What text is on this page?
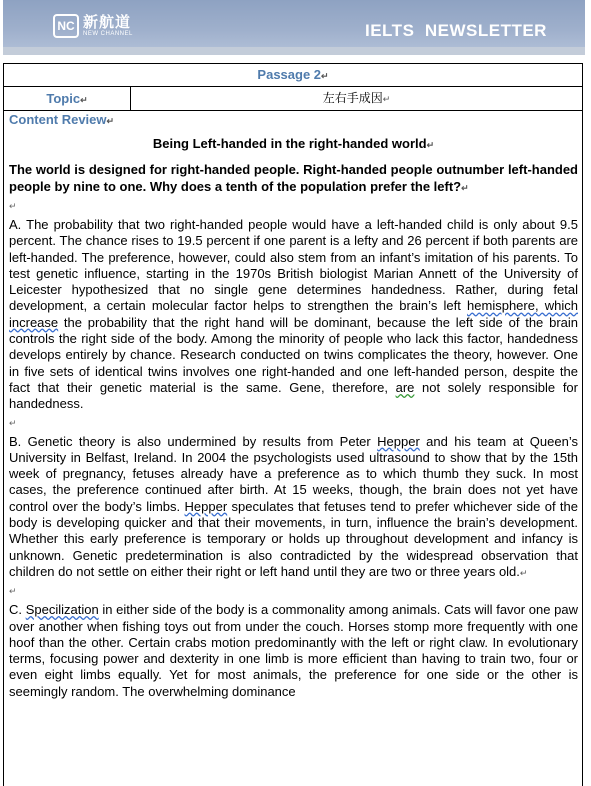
NC 新航道
NEW CHANNEL	IELTS  NEWSLETTER
Passage 2↵
Topic↵	左右手成因↵
Content Review↵
Being Left-handed in the right-handed world↵
The world is designed for right-handed people. Right-handed people outnumber left-handed people by nine to one. Why does a tenth of the population prefer the left?↵
↵
A. The probability that two right-handed people would have a left-handed child is only about 9.5 percent. The chance rises to 19.5 percent if one parent is a lefty and 26 percent if both parents are left-handed. The preference, however, could also stem from an infant’s imitation of his parents. To test genetic influence, starting in the 1970s British biologist Marian Annett of the University of Leicester hypothesized that no single gene determines handedness. Rather, during fetal development, a certain molecular factor helps to strengthen the brain’s left hemisphere, which increase the probability that the right hand will be dominant, because the left side of the brain controls the right side of the body. Among the minority of people who lack this factor, handedness develops entirely by chance. Research conducted on twins complicates the theory, however. One in five sets of identical twins involves one right-handed and one left-handed person, despite the fact that their genetic material is the same. Gene, therefore, are not solely responsible for handedness.
↵
B. Genetic theory is also undermined by results from Peter Hepper and his team at Queen’s University in Belfast, Ireland. In 2004 the psychologists used ultrasound to show that by the 15th week of pregnancy, fetuses already have a preference as to which thumb they suck. In most cases, the preference continued after birth. At 15 weeks, though, the brain does not yet have control over the body’s limbs. Hepper speculates that fetuses tend to prefer whichever side of the body is developing quicker and that their movements, in turn, influence the brain’s development. Whether this early preference is temporary or holds up throughout development and infancy is unknown. Genetic predetermination is also contradicted by the widespread observation that children do not settle on either their right or left hand until they are two or three years old.↵
↵
C. Specilization in either side of the body is a commonality among animals. Cats will favor one paw over another when fishing toys out from under the couch. Horses stomp more frequently with one hoof than the other. Certain crabs motion predominantly with the left or right claw. In evolutionary terms, focusing power and dexterity in one limb is more efficient than having to train two, four or even eight limbs equally. Yet for most animals, the preference for one side or the other is seemingly random. The overwhelming dominance
